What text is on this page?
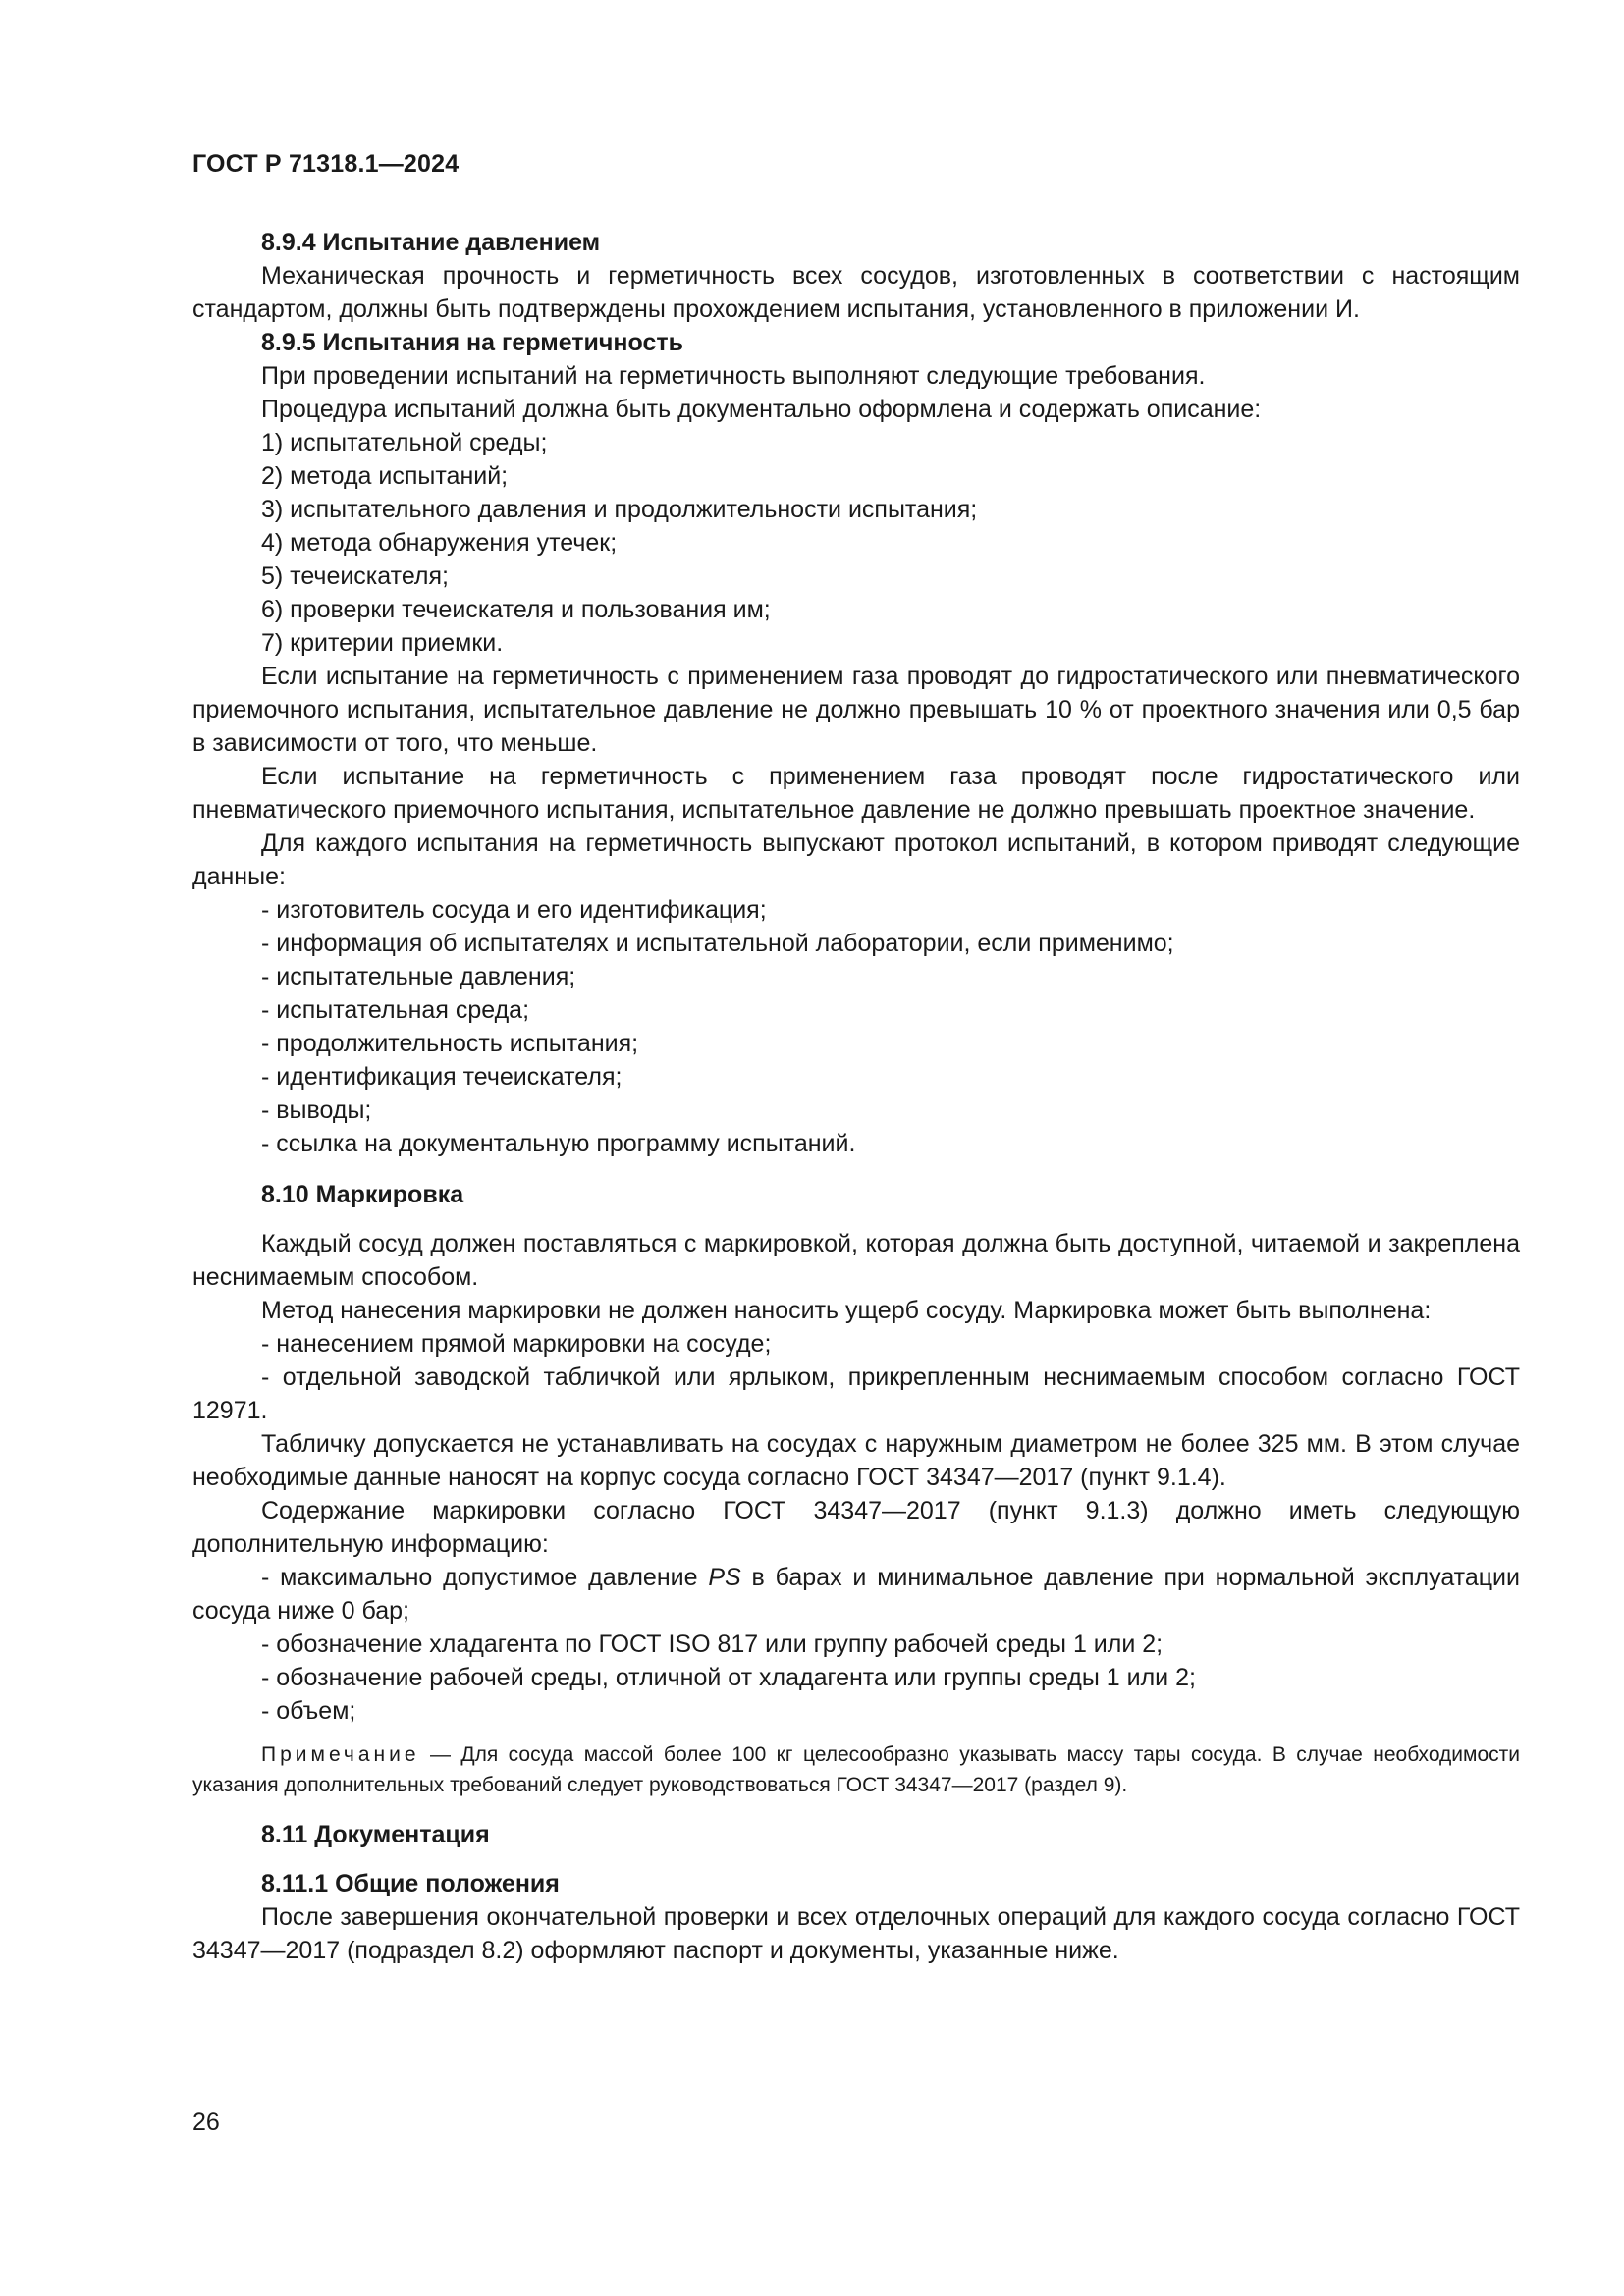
ГОСТ Р 71318.1—2024

8.9.4 Испытание давлением

Механическая прочность и герметичность всех сосудов, изготовленных в соответствии с настоящим стандартом, должны быть подтверждены прохождением испытания, установленного в приложении И.

8.9.5 Испытания на герметичность

При проведении испытаний на герметичность выполняют следующие требования.

Процедура испытаний должна быть документально оформлена и содержать описание:

1) испытательной среды;

2) метода испытаний;

3) испытательного давления и продолжительности испытания;

4) метода обнаружения утечек;

5) течеискателя;

6) проверки течеискателя и пользования им;

7) критерии приемки.

Если испытание на герметичность с применением газа проводят до гидростатического или пневматического приемочного испытания, испытательное давление не должно превышать 10 % от проектного значения или 0,5 бар в зависимости от того, что меньше.

Если испытание на герметичность с применением газа проводят после гидростатического или пневматического приемочного испытания, испытательное давление не должно превышать проектное значение.

Для каждого испытания на герметичность выпускают протокол испытаний, в котором приводят следующие данные:

- изготовитель сосуда и его идентификация;

- информация об испытателях и испытательной лаборатории, если применимо;

- испытательные давления;

- испытательная среда;

- продолжительность испытания;

- идентификация течеискателя;

- выводы;

- ссылка на документальную программу испытаний.

8.10 Маркировка

Каждый сосуд должен поставляться с маркировкой, которая должна быть доступной, читаемой и закреплена неснимаемым способом.

Метод нанесения маркировки не должен наносить ущерб сосуду. Маркировка может быть выполнена:

- нанесением прямой маркировки на сосуде;

- отдельной заводской табличкой или ярлыком, прикрепленным неснимаемым способом согласно ГОСТ 12971.

Табличку допускается не устанавливать на сосудах с наружным диаметром не более 325 мм. В этом случае необходимые данные наносят на корпус сосуда согласно ГОСТ 34347—2017 (пункт 9.1.4).

Содержание маркировки согласно ГОСТ 34347—2017 (пункт 9.1.3) должно иметь следующую дополнительную информацию:

- максимально допустимое давление PS в барах и минимальное давление при нормальной эксплуатации сосуда ниже 0 бар;

- обозначение хладагента по ГОСТ ISO 817 или группу рабочей среды 1 или 2;

- обозначение рабочей среды, отличной от хладагента или группы среды 1 или 2;

- объем;

Примечание — Для сосуда массой более 100 кг целесообразно указывать массу тары сосуда. В случае необходимости указания дополнительных требований следует руководствоваться ГОСТ 34347—2017 (раздел 9).

8.11 Документация

8.11.1 Общие положения

После завершения окончательной проверки и всех отделочных операций для каждого сосуда согласно ГОСТ 34347—2017 (подраздел 8.2) оформляют паспорт и документы, указанные ниже.

26
